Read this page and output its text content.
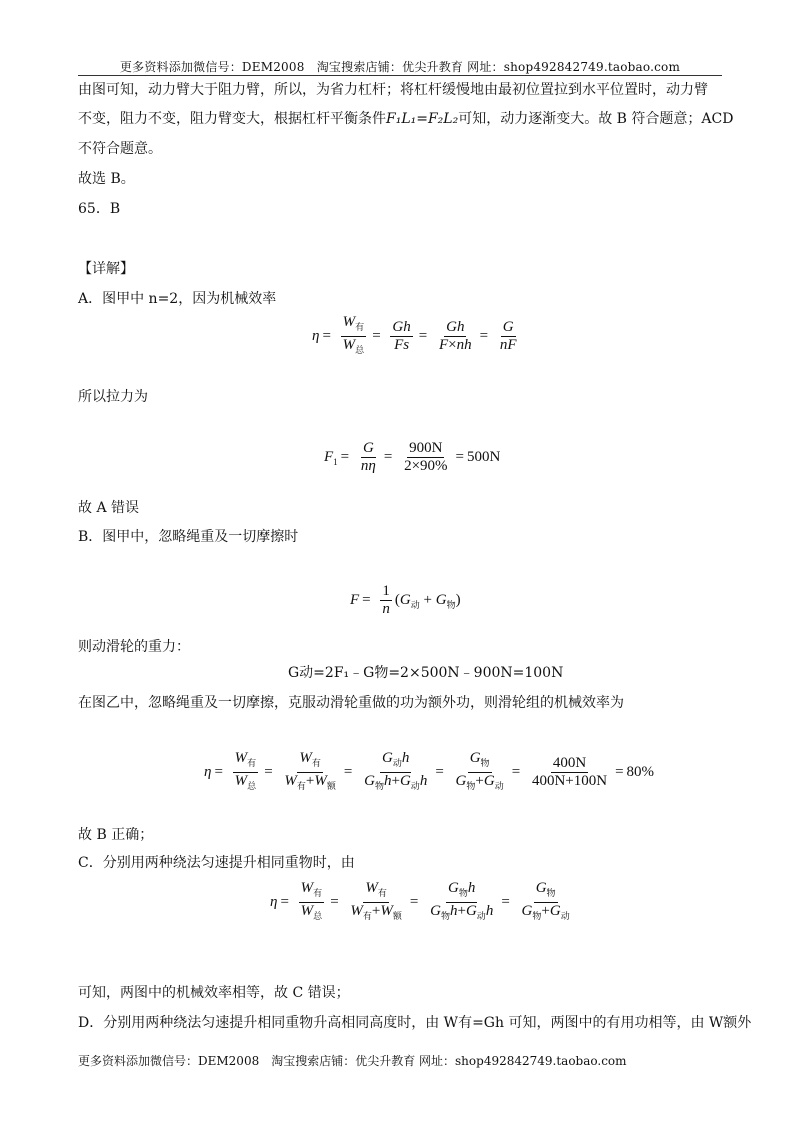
更多资料添加微信号：DEM2008　淘宝搜索店铺：优尖升教育 网址：shop492842749.taobao.com
由图可知，动力臂大于阻力臂，所以，为省力杠杆；将杠杆缓慢地由最初位置拉到水平位置时，动力臂
不变，阻力不变，阻力臂变大，根据杠杆平衡条件F₁L₁=F₂L₂可知，动力逐渐变大。故 B 符合题意；ACD
不符合题意。
故选 B。
65．B
【详解】
A．图甲中 n=2，因为机械效率
$\eta = \frac{W_有}{W_总} = \frac{Gh}{Fs} = \frac{Gh}{F\times nh} = \frac{G}{nF}$
所以拉力为
$F_1 = \frac{G}{n\eta} = \frac{900N}{2\times 90\%} = 500N$
故 A 错误
B．图甲中，忽略绳重及一切摩擦时
$F = \frac{1}{n} (G_动 + G_物)$
则动滑轮的重力：
G动=2F₁﹣G物=2×500N﹣900N=100N
在图乙中，忽略绳重及一切摩擦，克服动滑轮重做的功为额外功，则滑轮组的机械效率为
$\eta = \frac{W_有}{W_总} = \frac{W_有}{W_有+W_额} = \frac{G_动h}{G_物h+G_动h} = \frac{G_物}{G_物+G_动} = \frac{400N}{400N+100N} = 80\%$
故 B 正确；
C．分别用两种绕法匀速提升相同重物时，由
$\eta = \frac{W_有}{W_总} = \frac{W_有}{W_有+W_额} = \frac{G_物h}{G_物h+G_动h} = \frac{G_物}{G_物+G_动}$
可知，两图中的机械效率相等，故 C 错误；
D．分别用两种绕法匀速提升相同重物升高相同高度时，由 W有=Gh 可知，两图中的有用功相等，由 W额外
更多资料添加微信号：DEM2008　淘宝搜索店铺：优尖升教育 网址：shop492842749.taobao.com
